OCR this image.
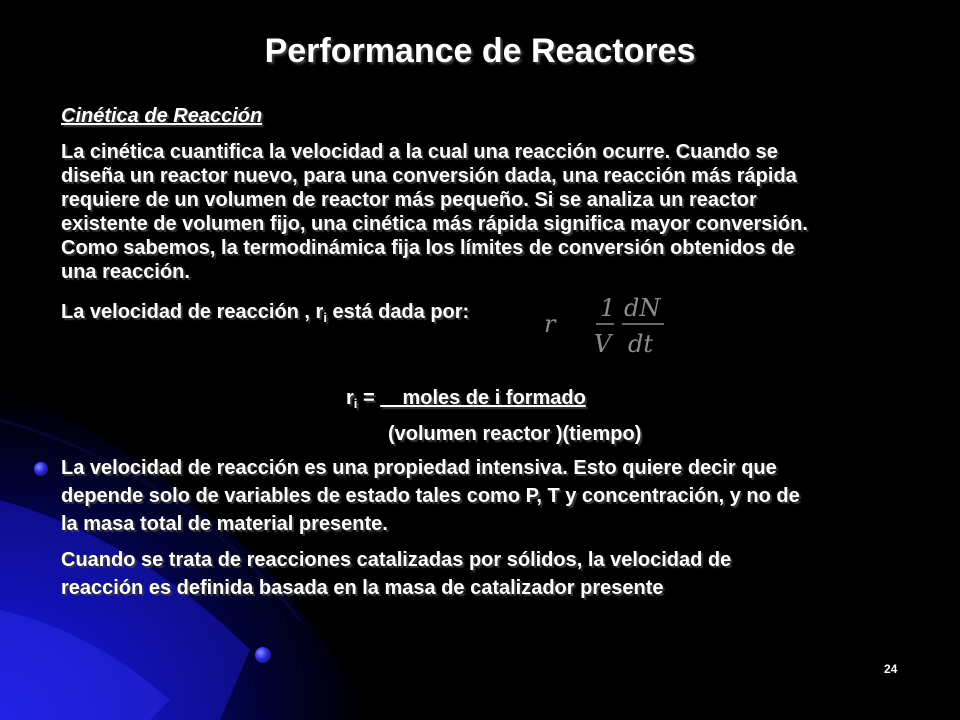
Performance de Reactores
Cinética de Reacción
La cinética cuantifica la velocidad a la cual una reacción ocurre. Cuando se
diseña un reactor nuevo, para una conversión dada, una reacción más rápida
requiere de un volumen de reactor más pequeño. Si se analiza un reactor
existente de volumen fijo, una cinética más rápida significa mayor conversión.
Como sabemos, la termodinámica fija los límites de conversión obtenidos de
una reacción.
La velocidad de reacción , $r_i$ está dada por:	r
1 dN
V dt
$r_i$ =     moles de i formado
(volumen reactor )(tiempo)
La velocidad de reacción es una propiedad intensiva. Esto quiere decir que
depende solo de variables de estado tales como P, T y concentración, y no de
la masa total de material presente.
Cuando se trata de reacciones catalizadas por sólidos, la velocidad de
reacción es definida basada en la masa de catalizador presente
24
